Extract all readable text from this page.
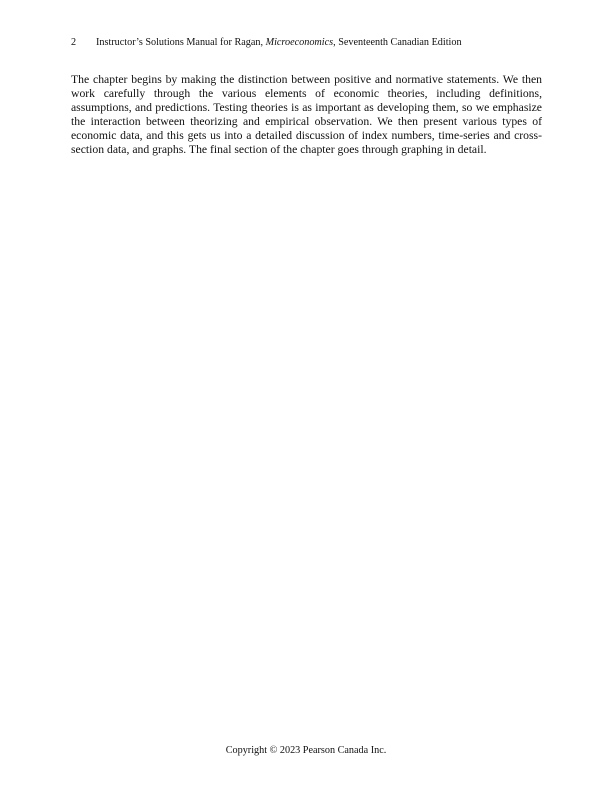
2 Instructor’s Solutions Manual for Ragan, Microeconomics, Seventeenth Canadian Edition

The chapter begins by making the distinction between positive and normative statements. We then work carefully through the various elements of economic theories, including definitions, assumptions, and predictions. Testing theories is as important as developing them, so we emphasize the interaction between theorizing and empirical observation. We then present various types of economic data, and this gets us into a detailed discussion of index numbers, time-series and cross-section data, and graphs. The final section of the chapter goes through graphing in detail.

Copyright © 2023 Pearson Canada Inc.
